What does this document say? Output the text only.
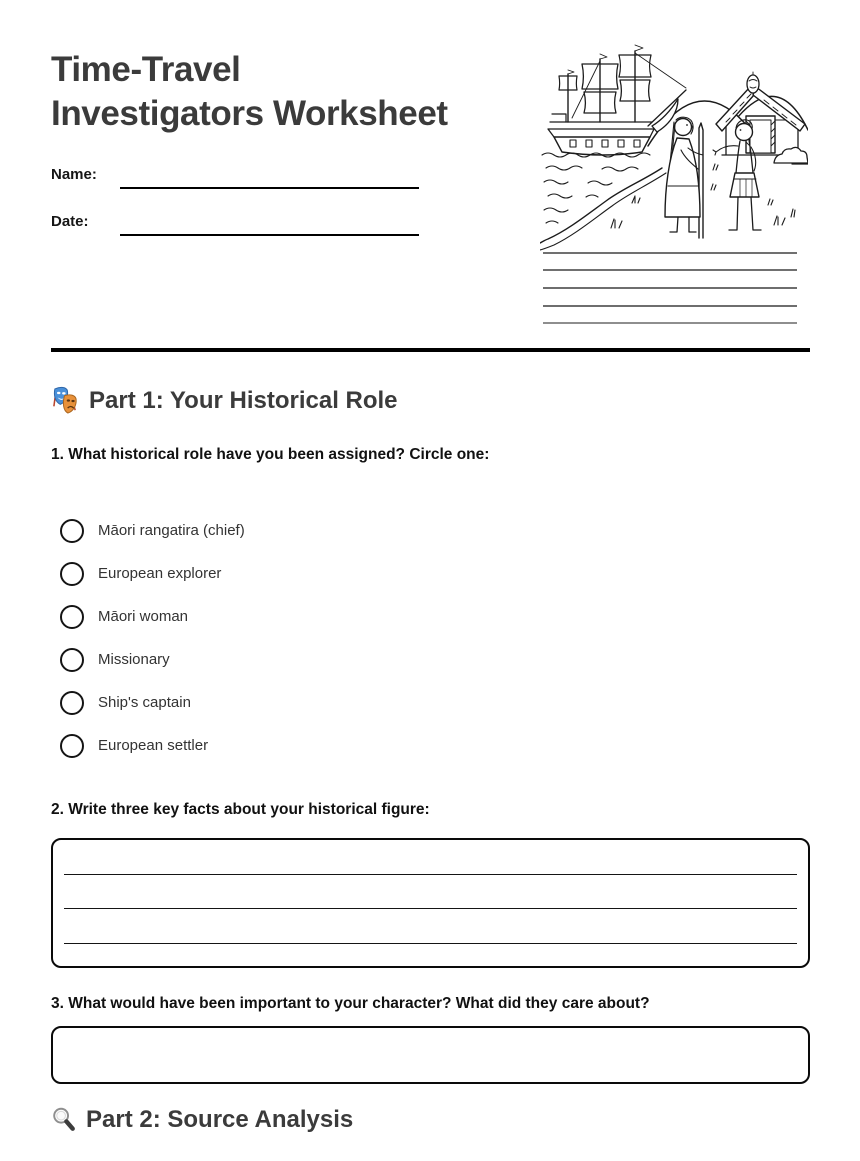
Time-Travel
Investigators Worksheet
Name:
Date:
Part 1: Your Historical Role
1. What historical role have you been assigned? Circle one:
Māori rangatira (chief)
European explorer
Māori woman
Missionary
Ship's captain
European settler
2. Write three key facts about your historical figure:
3. What would have been important to your character? What did they care about?
Part 2: Source Analysis
